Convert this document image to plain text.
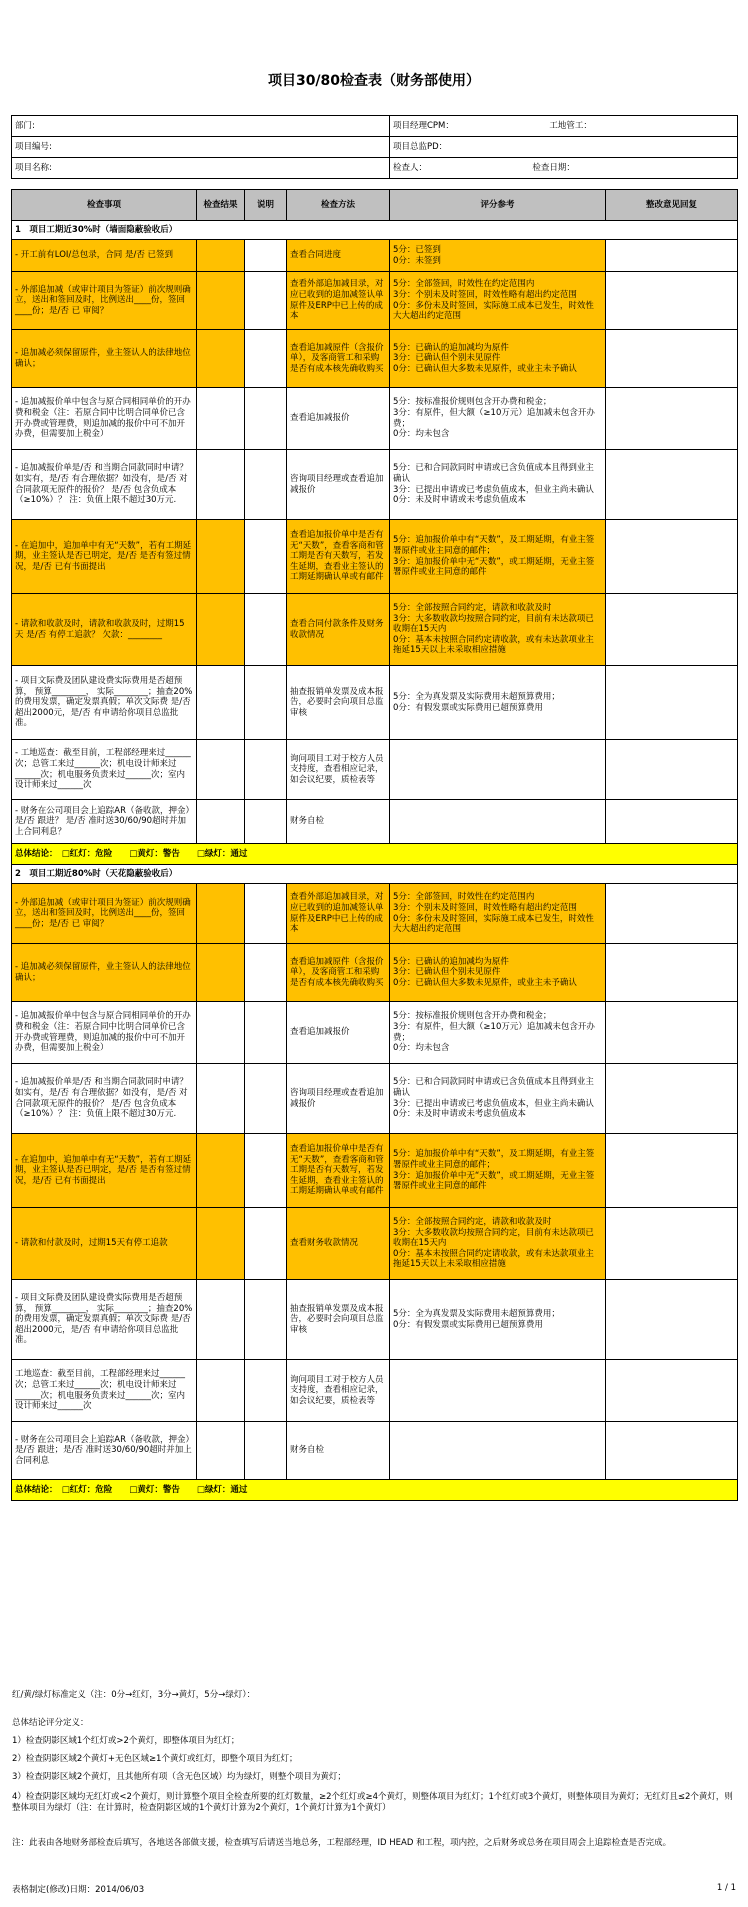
项目30/80检查表（财务部使用）
部门:				项目经理CPM： 工地管工：	
项目编号:				项目总监PD：	
项目名称:				检查人： 检查日期：	

检查事项	检查结果	说明	检查方法	评分参考	整改意见回复
1　项目工期近30%时（墙面隐蔽验收后）					
- 开工前有LOI/总包录，合同 是/否 已签到			查看合同进度	5分：已签到
0分：未签到	
- 外部追加减（或审计项目为签证）前次规则确立，送出和签回及时，比例送出____份，签回____份；是/否 已 审阅？			查看外部追加减目录，对应已收到的追加减签认单原件及ERP中已上传的成本	5分：全部签回，时效性在约定范围内
3分：个别未及时签回，时效性略有超出约定范围
0分：多份未及时签回，实际施工成本已发生，时效性大大超出约定范围	
- 追加减必须保留原件，业主签认人的法律地位确认；			查看追加减原件（含报价单），及客商管工和采购是否有成本核先确收购买	5分：已确认的追加减均为原件
3分：已确认但个别未见原件
0分：已确认但大多数未见原件，或业主未予确认	
- 追加减报价单中包含与原合同相同单价的开办费和税金（注：若原合同中比明合同单价已含开办费或管理费，则追加减的报价中可不加开办费，但需要加上税金）			查看追加减报价	5分：按标准报价规则包含开办费和税金；
3分：有原件，但大额（≥10万元）追加减未包含开办费；
0分：均未包含	
- 追加减报价单是/否 和当期合同款同时申请？如实有，是/否 有合理依据？如没有，是/否 对合同款项无原件的报价？ 是/否 包含负成本（≥10%）？ 注：负值上限不超过30万元.			咨询项目经理或查看追加减报价	5分：已和合同款同时申请或已含负值成本且得到业主确认
3分：已提出申请或已考虑负值成本，但业主尚未确认
0分：未及时申请或未考虑负值成本	
- 在追加中，追加单中有无“天数”，若有工期延期，业主签认是否已明定，是/否 是否有签过情况，是/否 已有书面提出			查看追加报价单中是否有无“天数”，查看客商和管工期是否有天数写，若发生延期，查看业主签认的工期延期确认单或有邮件	5分：追加报价单中有“天数”，及工期延期，有业主签署原件或业主同意的邮件；
3分：追加报价单中无“天数”，或工期延期，无业主签署原件或业主同意的邮件	
- 请款和收款及时，请款和收款及时，过期15天 是/否 有停工追款？ 欠款：________			查看合同付款条件及财务收款情况	5分：全部按照合同约定，请款和收款及时
3分：大多数收款均按照合同约定，目前有未达款项已收期在15天内
0分：基本未按照合同约定请收款，或有未达款项业主拖延15天以上未采取相应措施	
- 项目文际费及团队建设费实际费用是否超预算， 预算________， 实际________；抽查20%的费用发票，确定发票真假；单次文际费 是/否 超出2000元，是/否 有申请给你项目总监批准。			抽查报销单发票及成本报告，必要时会向项目总监审核	5分：全为真发票及实际费用未超预算费用；
0分：有假发票或实际费用已超预算费用	
- 工地巡查：截至目前，工程部经理来过______次；总管工来过______次；机电设计师来过______次；机电服务负责来过______次；室内设计师来过______次			询问项目工对于校方人员支持度，查看相应记录，如会议纪要，质检表等		
- 财务在公司项目会上追踪AR（备收款，押金）是/否 跟进？ 是/否 准时送30/60/90超时并加上合同利息？			财务自检		
总体结论：　□红灯：危险　　□黄灯：警告　　□绿灯：通过					
2　项目工期近80%时（天花隐蔽验收后）					
- 外部追加减（或审计项目为签证）前次规则确立，送出和签回及时，比例送出____份，签回____份；是/否 已 审阅？			查看外部追加减目录，对应已收到的追加减签认单原件及ERP中已上传的成本	5分：全部签回，时效性在约定范围内
3分：个别未及时签回，时效性略有超出约定范围
0分：多份未及时签回，实际施工成本已发生，时效性大大超出约定范围	
- 追加减必须保留原件，业主签认人的法律地位确认；			查看追加减原件（含报价单），及客商管工和采购是否有成本核先确收购买	5分：已确认的追加减均为原件
3分：已确认但个别未见原件
0分：已确认但大多数未见原件，或业主未予确认	
- 追加减报价单中包含与原合同相同单价的开办费和税金（注：若原合同中比明合同单价已含开办费或管理费，则追加减的报价中可不加开办费，但需要加上税金）			查看追加减报价	5分：按标准报价规则包含开办费和税金；
3分：有原件，但大额（≥10万元）追加减未包含开办费；
0分：均未包含	
- 追加减报价单是/否 和当期合同款同时申请？如实有，是/否 有合理依据？如没有，是/否 对合同款项无原件的报价？ 是/否 包含负成本（≥10%）？ 注：负值上限不超过30万元.			咨询项目经理或查看追加减报价	5分：已和合同款同时申请或已含负值成本且得到业主确认
3分：已提出申请或已考虑负值成本，但业主尚未确认
0分：未及时申请或未考虑负值成本	
- 在追加中，追加单中有无“天数”，若有工期延期，业主签认是否已明定，是/否 是否有签过情况，是/否 已有书面提出			查看追加报价单中是否有无“天数”，查看客商和管工期是否有天数写，若发生延期，查看业主签认的工期延期确认单或有邮件	5分：追加报价单中有“天数”，及工期延期，有业主签署原件或业主同意的邮件；
3分：追加报价单中无“天数”，或工期延期，无业主签署原件或业主同意的邮件	
- 请款和付款及时，过期15天有停工追款			查看财务收款情况	5分：全部按照合同约定，请款和收款及时
3分：大多数收款均按照合同约定，目前有未达款项已收期在15天内
0分：基本未按照合同约定请收款，或有未达款项业主拖延15天以上未采取相应措施	
- 项目文际费及团队建设费实际费用是否超预算， 预算________， 实际________；抽查20%的费用发票，确定发票真假；单次文际费 是/否 超出2000元，是/否 有申请给你项目总监批准。			抽查报销单发票及成本报告，必要时会向项目总监审核	5分：全为真发票及实际费用未超预算费用；
0分：有假发票或实际费用已超预算费用	
工地巡查：截至目前，工程部经理来过______次；总管工来过______次；机电设计师来过______次；机电服务负责来过______次；室内设计师来过______次			询问项目工对于校方人员支持度，查看相应记录，如会议纪要，质检表等		
- 财务在公司项目会上追踪AR（备收款，押金）是/否 跟进；是/否 准时送30/60/90超时并加上合同利息			财务自检		
总体结论：　□红灯：危险　　□黄灯：警告　　□绿灯：通过					
红/黄/绿灯标准定义（注：0分→红灯，3分→黄灯，5分→绿灯）：
总体结论评分定义：
1）检查阴影区域1个红灯或>2个黄灯，即整体项目为红灯；
2）检查阴影区域2个黄灯+无色区域≥1个黄灯或红灯，即整个项目为红灯；
3）检查阴影区域2个黄灯，且其他所有项（含无色区域）均为绿灯，则整个项目为黄灯；
4）检查阴影区域均无红灯或<2个黄灯，则计算整个项目全检查所要的红灯数量，≥2个红灯或≥4个黄灯，则整体项目为红灯；1个红灯或3个黄灯，则整体项目为黄灯；无红灯且≤2个黄灯，则整体项目为绿灯（注：在计算时，检查阴影区域的1个黄灯计算为2个黄灯，1个黄灯计算为1个黄灯）
注：此表由各地财务部检查后填写，各地送各部做支援，检查填写后请送当地总务，工程部经理，ID HEAD 和工程，项内控，之后财务或总务在项目周会上追踪检查是否完成。
表格制定(修改)日期：2014/06/03	1 / 1
